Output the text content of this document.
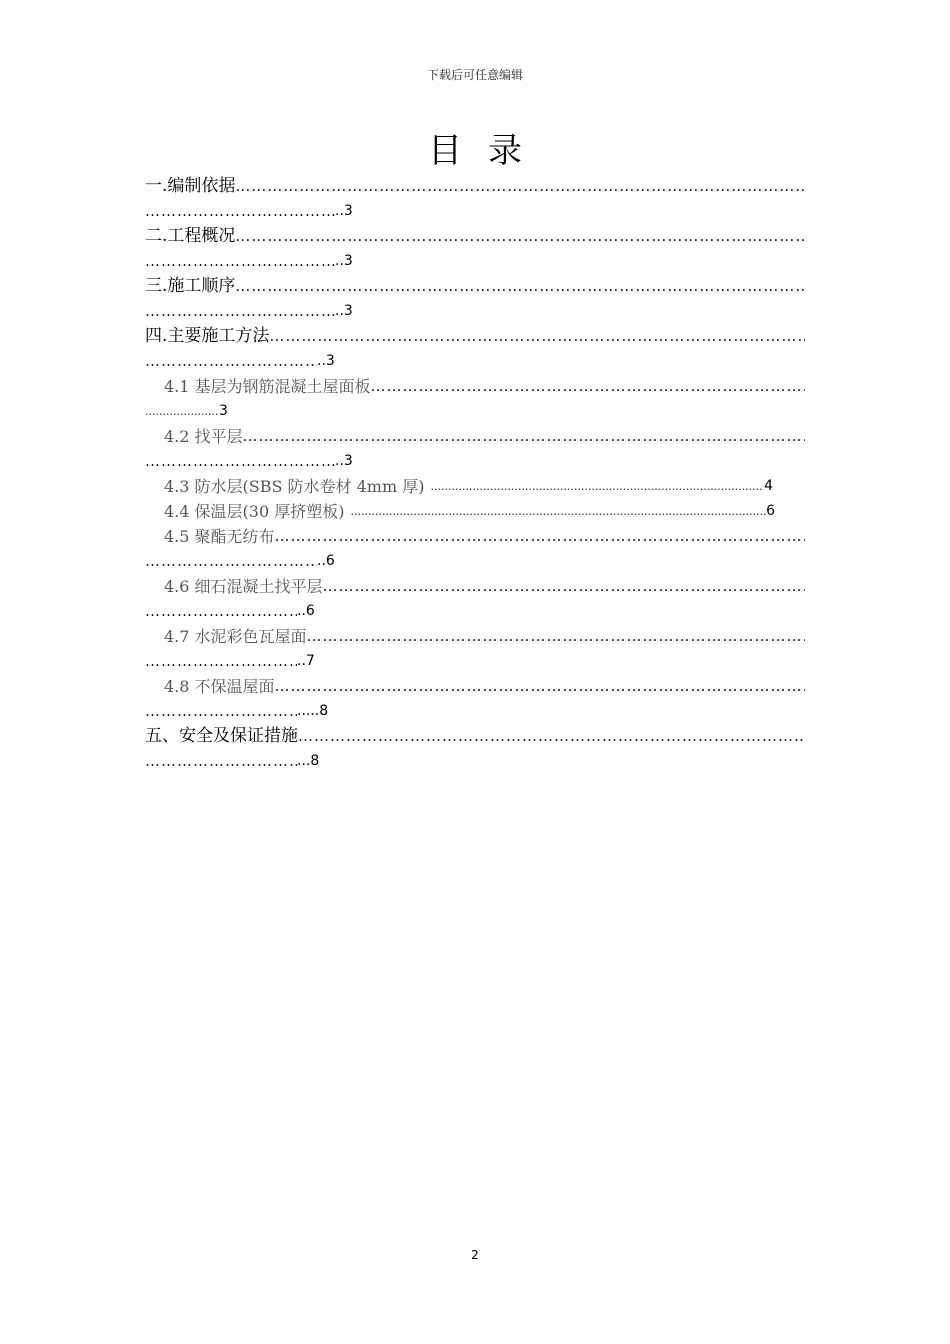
下载后可任意编辑
目录
一.编制依据
…………………………………………………………………………………………………………………………………………………………………………
…………………………………………………………………………………………………………………………………………………………………………
..3
二.工程概况
…………………………………………………………………………………………………………………………………………………………………………
…………………………………………………………………………………………………………………………………………………………………………
..3
三.施工顺序
…………………………………………………………………………………………………………………………………………………………………………
…………………………………………………………………………………………………………………………………………………………………………
..3
四.主要施工方法
…………………………………………………………………………………………………………………………………………………………………………
…………………………………………………………………………………………………………………………………………………………………………
..3
4.1 基层为钢筋混凝土屋面板
…………………………………………………………………………………………………………………………………………………………………………
.....
3
4.2 找平层
…………………………………………………………………………………………………………………………………………………………………………
…………………………………………………………………………………………………………………………………………………………………………
..3
4.3 防水层(SBS 防水卷材 4mm 厚) .....	4
4.4 保温层(30 厚挤塑板) .....	6
4.5 聚酯无纺布
…………………………………………………………………………………………………………………………………………………………………………
…………………………………………………………………………………………………………………………………………………………………………
..6
4.6 细石混凝土找平层
…………………………………………………………………………………………………………………………………………………………………………
…………………………………………………………………………………………………………………………………………………………………………
..6
4.7 水泥彩色瓦屋面
…………………………………………………………………………………………………………………………………………………………………………
…………………………………………………………………………………………………………………………………………………………………………
..7
4.8 不保温屋面
…………………………………………………………………………………………………………………………………………………………………………
…………………………………………………………………………………………………………………………………………………………………………
.....8
五、安全及保证措施
…………………………………………………………………………………………………………………………………………………………………………
…………………………………………………………………………………………………………………………………………………………………………
...8
2
